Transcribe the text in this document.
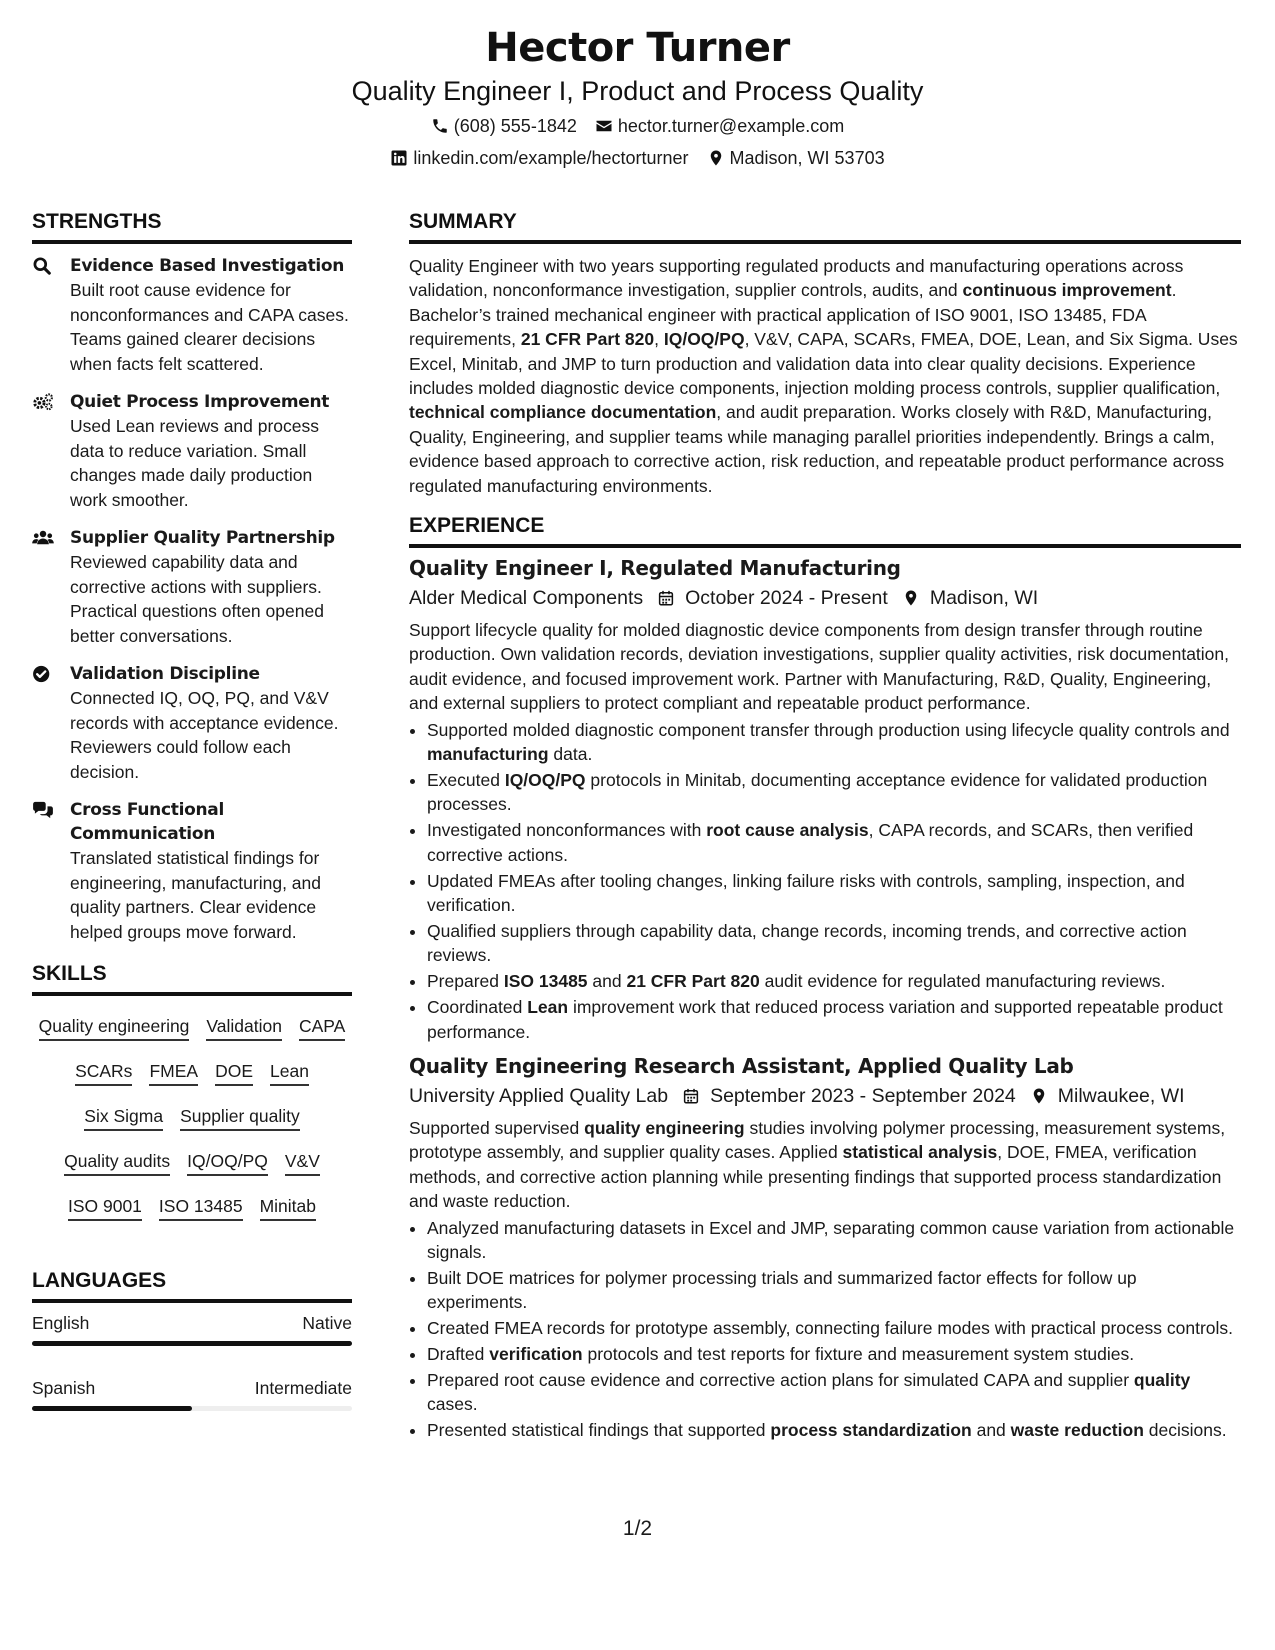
Hector Turner
Quality Engineer I, Product and Process Quality
(608) 555-1842 hector.turner@example.com
linkedin.com/example/hectorturner Madison, WI 53703
STRENGTHS
Evidence Based Investigation
Built root cause evidence for nonconformances and CAPA cases. Teams gained clearer decisions when facts felt scattered.
Quiet Process Improvement
Used Lean reviews and process data to reduce variation. Small changes made daily production work smoother.
Supplier Quality Partnership
Reviewed capability data and corrective actions with suppliers. Practical questions often opened better conversations.
Validation Discipline
Connected IQ, OQ, PQ, and V&V records with acceptance evidence. Reviewers could follow each decision.
Cross Functional Communication
Translated statistical findings for engineering, manufacturing, and quality partners. Clear evidence helped groups move forward.
SKILLS
Quality engineering Validation CAPA
SCARs FMEA DOE Lean
Six Sigma Supplier quality
Quality audits IQ/OQ/PQ V&V
ISO 9001 ISO 13485 Minitab
LANGUAGES
English	Native
Spanish	Intermediate
SUMMARY
Quality Engineer with two years supporting regulated products and manufacturing operations across validation, nonconformance investigation, supplier controls, audits, and continuous improvement. Bachelor’s trained mechanical engineer with practical application of ISO 9001, ISO 13485, FDA requirements, 21 CFR Part 820, IQ/OQ/PQ, V&V, CAPA, SCARs, FMEA, DOE, Lean, and Six Sigma. Uses Excel, Minitab, and JMP to turn production and validation data into clear quality decisions. Experience includes molded diagnostic device components, injection molding process controls, supplier qualification, technical compliance documentation, and audit preparation. Works closely with R&D, Manufacturing, Quality, Engineering, and supplier teams while managing parallel priorities independently. Brings a calm, evidence based approach to corrective action, risk reduction, and repeatable product performance across regulated manufacturing environments.
EXPERIENCE
Quality Engineer I, Regulated Manufacturing
Alder Medical Components October 2024 - Present Madison, WI
Support lifecycle quality for molded diagnostic device components from design transfer through routine production. Own validation records, deviation investigations, supplier quality activities, risk documentation, audit evidence, and focused improvement work. Partner with Manufacturing, R&D, Quality, Engineering, and external suppliers to protect compliant and repeatable product performance.
• Supported molded diagnostic component transfer through production using lifecycle quality controls and manufacturing data.
• Executed IQ/OQ/PQ protocols in Minitab, documenting acceptance evidence for validated production processes.
• Investigated nonconformances with root cause analysis, CAPA records, and SCARs, then verified corrective actions.
• Updated FMEAs after tooling changes, linking failure risks with controls, sampling, inspection, and verification.
• Qualified suppliers through capability data, change records, incoming trends, and corrective action reviews.
• Prepared ISO 13485 and 21 CFR Part 820 audit evidence for regulated manufacturing reviews.
• Coordinated Lean improvement work that reduced process variation and supported repeatable product performance.
Quality Engineering Research Assistant, Applied Quality Lab
University Applied Quality Lab September 2023 - September 2024 Milwaukee, WI
Supported supervised quality engineering studies involving polymer processing, measurement systems, prototype assembly, and supplier quality cases. Applied statistical analysis, DOE, FMEA, verification methods, and corrective action planning while presenting findings that supported process standardization and waste reduction.
• Analyzed manufacturing datasets in Excel and JMP, separating common cause variation from actionable signals.
• Built DOE matrices for polymer processing trials and summarized factor effects for follow up experiments.
• Created FMEA records for prototype assembly, connecting failure modes with practical process controls.
• Drafted verification protocols and test reports for fixture and measurement system studies.
• Prepared root cause evidence and corrective action plans for simulated CAPA and supplier quality cases.
• Presented statistical findings that supported process standardization and waste reduction decisions.
1/2
